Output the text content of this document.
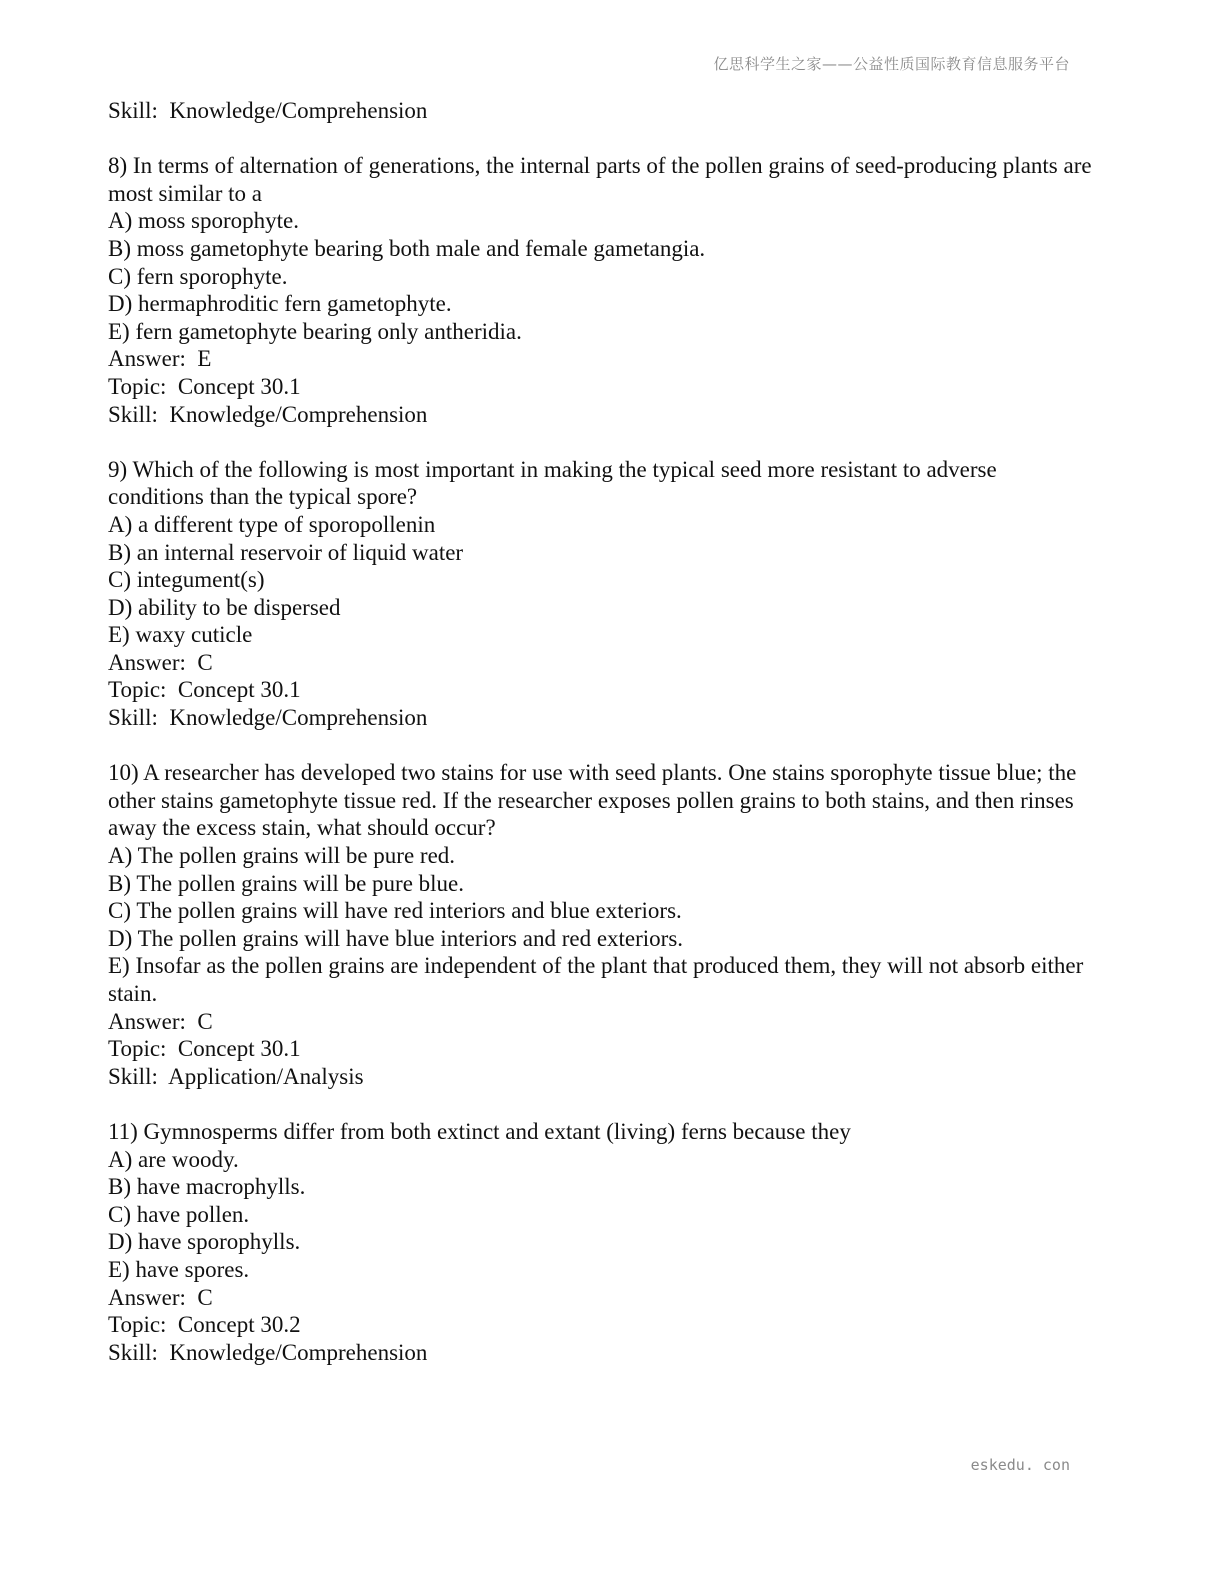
亿思科学生之家——公益性质国际教育信息服务平台
Skill:  Knowledge/Comprehension
8) In terms of alternation of generations, the internal parts of the pollen grains of seed-producing plants are most similar to a
A) moss sporophyte.
B) moss gametophyte bearing both male and female gametangia.
C) fern sporophyte.
D) hermaphroditic fern gametophyte.
E) fern gametophyte bearing only antheridia.
Answer:  E
Topic:  Concept 30.1
Skill:  Knowledge/Comprehension
9) Which of the following is most important in making the typical seed more resistant to adverse conditions than the typical spore?
A) a different type of sporopollenin
B) an internal reservoir of liquid water
C) integument(s)
D) ability to be dispersed
E) waxy cuticle
Answer:  C
Topic:  Concept 30.1
Skill:  Knowledge/Comprehension
10) A researcher has developed two stains for use with seed plants. One stains sporophyte tissue blue; the other stains gametophyte tissue red. If the researcher exposes pollen grains to both stains, and then rinses away the excess stain, what should occur?
A) The pollen grains will be pure red.
B) The pollen grains will be pure blue.
C) The pollen grains will have red interiors and blue exteriors.
D) The pollen grains will have blue interiors and red exteriors.
E) Insofar as the pollen grains are independent of the plant that produced them, they will not absorb either stain.
Answer:  C
Topic:  Concept 30.1
Skill:  Application/Analysis
11) Gymnosperms differ from both extinct and extant (living) ferns because they
A) are woody.
B) have macrophylls.
C) have pollen.
D) have sporophylls.
E) have spores.
Answer:  C
Topic:  Concept 30.2
Skill:  Knowledge/Comprehension
eskedu. con
